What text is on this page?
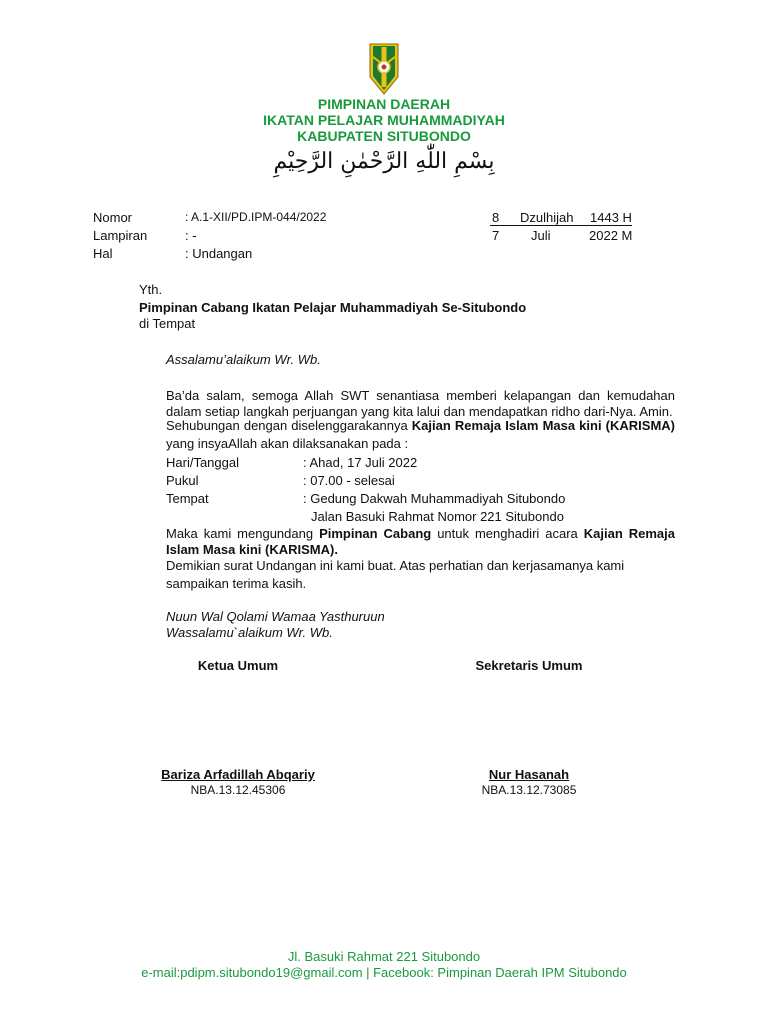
PIMPINAN DAERAH
IKATAN PELAJAR MUHAMMADIYAH
KABUPATEN SITUBONDO
بِسْمِ اللّٰهِ الرَّحْمٰنِ الرَّحِيْمِ
Nomor	: A.1-XII/PD.IPM-044/2022
Lampiran	: -
Hal	: Undangan
8 Dzulhijah 1443 H
7 Juli	2022 M
Yth.
Pimpinan Cabang Ikatan Pelajar Muhammadiyah Se-Situbondo
di Tempat
Assalamu’alaikum Wr. Wb.
Ba’da salam, semoga Allah SWT senantiasa memberi kelapangan dan kemudahan dalam setiap langkah perjuangan yang kita lalui dan mendapatkan ridho dari-Nya. Amin.
Sehubungan dengan diselenggarakannya Kajian Remaja Islam Masa kini (KARISMA)
yang insyaAllah akan dilaksanakan pada :
Hari/Tanggal	: Ahad, 17 Juli 2022
Pukul	: 07.00 - selesai
Tempat	: Gedung Dakwah Muhammadiyah Situbondo
Jalan Basuki Rahmat Nomor 221 Situbondo
Maka kami mengundang Pimpinan Cabang untuk menghadiri acara Kajian Remaja Islam Masa kini (KARISMA).
Demikian surat Undangan ini kami buat. Atas perhatian dan kerjasamanya kami sampaikan terima kasih.
Nuun Wal Qolami Wamaa Yasthuruun
Wassalamu`alaikum Wr. Wb.
Ketua Umum	Sekretaris Umum
Bariza Arfadillah Abqariy
NBA.13.12.45306
Nur Hasanah
NBA.13.12.73085
Jl. Basuki Rahmat 221 Situbondo
e-mail:pdipm.situbondo19@gmail.com | Facebook: Pimpinan Daerah IPM Situbondo
